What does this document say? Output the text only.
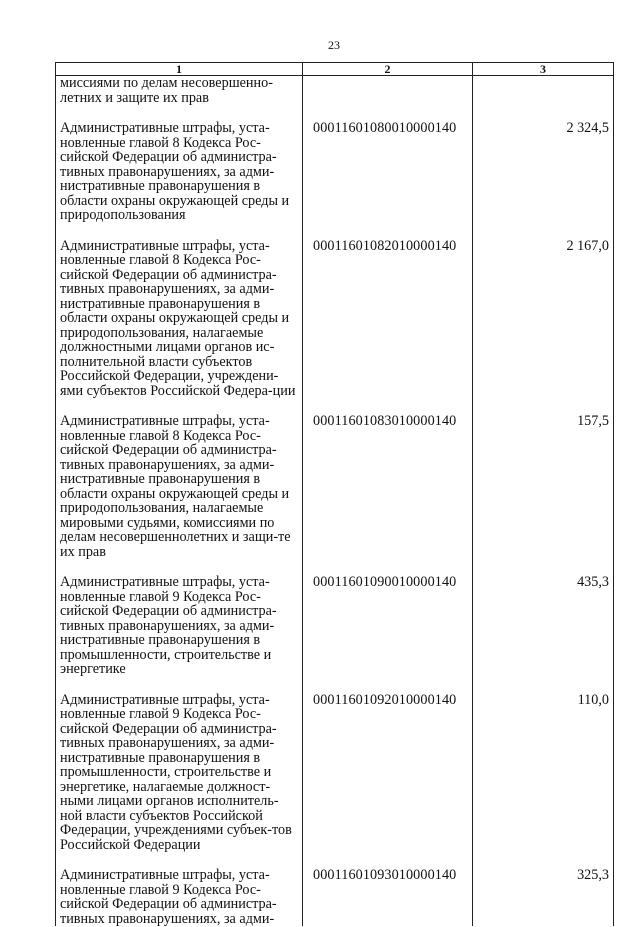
23
1	2	3
миссиями по делам несовершенно-летних и защите их прав		

Административные штрафы, уста-новленные главой 8 Кодекса Рос-сийской Федерации об администра-тивных правонарушениях, за адми-нистративные правонарушения в области охраны окружающей среды и природопользования	00011601080010000140	2 324,5

Административные штрафы, уста-новленные главой 8 Кодекса Рос-сийской Федерации об администра-тивных правонарушениях, за адми-нистративные правонарушения в области охраны окружающей среды и природопользования, налагаемые должностными лицами органов ис-полнительной власти субъектов Российской Федерации, учреждени-ями субъектов Российской Федера-ции	00011601082010000140	2 167,0

Административные штрафы, уста-новленные главой 8 Кодекса Рос-сийской Федерации об администра-тивных правонарушениях, за адми-нистративные правонарушения в области охраны окружающей среды и природопользования, налагаемые мировыми судьями, комиссиями по делам несовершеннолетних и защи-те их прав	00011601083010000140	157,5

Административные штрафы, уста-новленные главой 9 Кодекса Рос-сийской Федерации об администра-тивных правонарушениях, за адми-нистративные правонарушения в промышленности, строительстве и энергетике	00011601090010000140	435,3

Административные штрафы, уста-новленные главой 9 Кодекса Рос-сийской Федерации об администра-тивных правонарушениях, за адми-нистративные правонарушения в промышленности, строительстве и энергетике, налагаемые должност-ными лицами органов исполнитель-ной власти субъектов Российской Федерации, учреждениями субъек-тов Российской Федерации	00011601092010000140	110,0

Административные штрафы, уста-новленные главой 9 Кодекса Рос-сийской Федерации об администра-тивных правонарушениях, за адми-	00011601093010000140	325,3
